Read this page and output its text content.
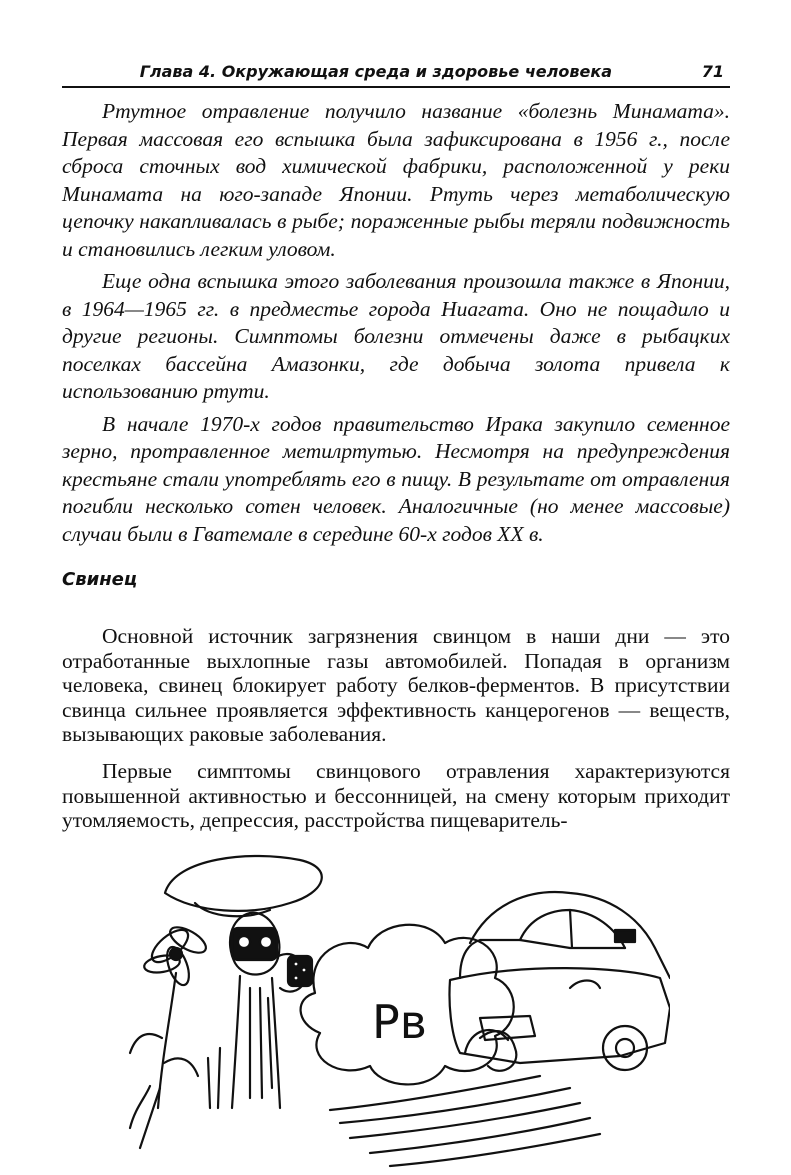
Глава 4. Окружающая среда и здоровье человека	71

Ртутное отравление получило название «болезнь Минамата». Первая массовая его вспышка была зафиксирована в 1956 г., после сброса сточных вод химической фабрики, расположенной у реки Минамата на юго-западе Японии. Ртуть через метаболическую цепочку накапливалась в рыбе; пораженные рыбы теряли подвижность и становились легким уловом.

Еще одна вспышка этого заболевания произошла также в Японии, в 1964—1965 гг. в предместье города Ниагата. Оно не пощадило и другие регионы. Симптомы болезни отмечены даже в рыбацких поселках бассейна Амазонки, где добыча золота привела к использованию ртути.

В начале 1970-х годов правительство Ирака закупило семенное зерно, протравленное метилртутью. Несмотря на предупреждения крестьяне стали употреблять его в пищу. В результате от отравления погибли несколько сотен человек. Аналогичные (но менее массовые) случаи были в Гватемале в середине 60-х годов XX в.

Свинец

Основной источник загрязнения свинцом в наши дни — это отработанные выхлопные газы автомобилей. Попадая в организм человека, свинец блокирует работу белков-ферментов. В присутствии свинца сильнее проявляется эффективность канцерогенов — веществ, вызывающих раковые заболевания.

Первые симптомы свинцового отравления характеризуются повышенной активностью и бессонницей, на смену которым приходит утомляемость, депрессия, расстройства пищеваритель-

Pв
